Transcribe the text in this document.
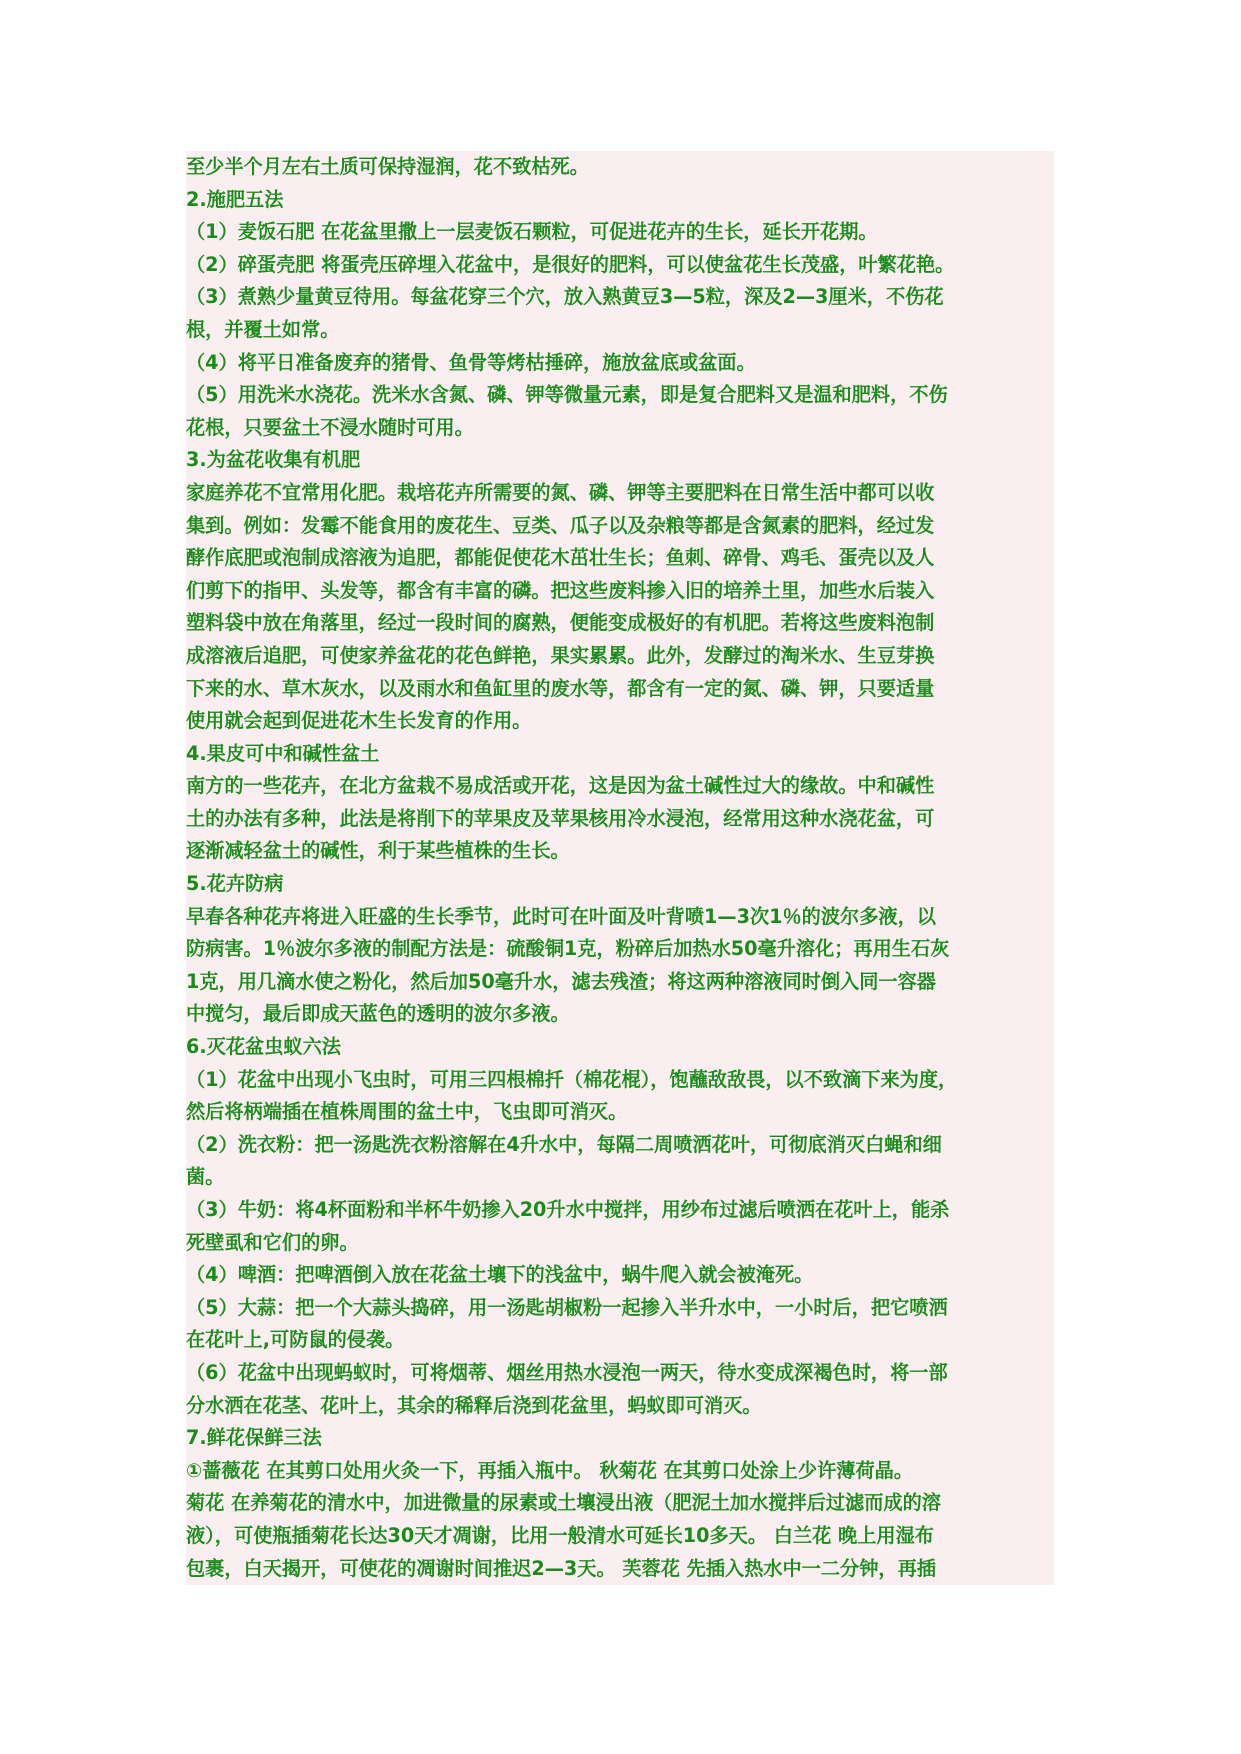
至少半个月左右土质可保持湿润，花不致枯死。
2.施肥五法
（1）麦饭石肥 在花盆里撒上一层麦饭石颗粒，可促进花卉的生长，延长开花期。
（2）碎蛋壳肥 将蛋壳压碎埋入花盆中，是很好的肥料，可以使盆花生长茂盛，叶繁花艳。
（3）煮熟少量黄豆待用。每盆花穿三个穴，放入熟黄豆3—5粒，深及2—3厘米，不伤花
根，并覆土如常。
（4）将平日准备废弃的猪骨、鱼骨等烤枯捶碎，施放盆底或盆面。
（5）用洗米水浇花。洗米水含氮、磷、钾等微量元素，即是复合肥料又是温和肥料，不伤
花根，只要盆土不浸水随时可用。
3.为盆花收集有机肥
家庭养花不宜常用化肥。栽培花卉所需要的氮、磷、钾等主要肥料在日常生活中都可以收
集到。例如：发霉不能食用的废花生、豆类、瓜子以及杂粮等都是含氮素的肥料，经过发
酵作底肥或泡制成溶液为追肥，都能促使花木茁壮生长；鱼刺、碎骨、鸡毛、蛋壳以及人
们剪下的指甲、头发等，都含有丰富的磷。把这些废料掺入旧的培养土里，加些水后装入
塑料袋中放在角落里，经过一段时间的腐熟，便能变成极好的有机肥。若将这些废料泡制
成溶液后追肥，可使家养盆花的花色鲜艳，果实累累。此外，发酵过的淘米水、生豆芽换
下来的水、草木灰水，以及雨水和鱼缸里的废水等，都含有一定的氮、磷、钾，只要适量
使用就会起到促进花木生长发育的作用。
4.果皮可中和碱性盆土
南方的一些花卉，在北方盆栽不易成活或开花，这是因为盆土碱性过大的缘故。中和碱性
土的办法有多种，此法是将削下的苹果皮及苹果核用冷水浸泡，经常用这种水浇花盆，可
逐渐减轻盆土的碱性，利于某些植株的生长。
5.花卉防病
早春各种花卉将进入旺盛的生长季节，此时可在叶面及叶背喷1—3次1％的波尔多液，以
防病害。1％波尔多液的制配方法是：硫酸铜1克，粉碎后加热水50毫升溶化；再用生石灰
1克，用几滴水使之粉化，然后加50毫升水，滤去残渣；将这两种溶液同时倒入同一容器
中搅匀，最后即成天蓝色的透明的波尔多液。
6.灭花盆虫蚁六法
（1）花盆中出现小飞虫时，可用三四根棉扦（棉花棍），饱蘸敌敌畏，以不致滴下来为度，
然后将柄端插在植株周围的盆土中，飞虫即可消灭。
（2）洗衣粉：把一汤匙洗衣粉溶解在4升水中，每隔二周喷洒花叶，可彻底消灭白蝇和细
菌。
（3）牛奶：将4杯面粉和半杯牛奶掺入20升水中搅拌，用纱布过滤后喷洒在花叶上，能杀
死壁虱和它们的卵。
（4）啤酒：把啤酒倒入放在花盆土壤下的浅盆中，蜗牛爬入就会被淹死。
（5）大蒜：把一个大蒜头捣碎，用一汤匙胡椒粉一起掺入半升水中，一小时后，把它喷洒
在花叶上,可防鼠的侵袭。
（6）花盆中出现蚂蚁时，可将烟蒂、烟丝用热水浸泡一两天，待水变成深褐色时，将一部
分水洒在花茎、花叶上，其余的稀释后浇到花盆里，蚂蚁即可消灭。
7.鲜花保鲜三法
①蔷薇花 在其剪口处用火灸一下，再插入瓶中。 秋菊花 在其剪口处涂上少许薄荷晶。
菊花 在养菊花的清水中，加进微量的尿素或土壤浸出液（肥泥土加水搅拌后过滤而成的溶
液），可使瓶插菊花长达30天才凋谢，比用一般清水可延长10多天。 白兰花 晚上用湿布
包裹，白天揭开，可使花的凋谢时间推迟2—3天。 芙蓉花 先插入热水中一二分钟，再插
